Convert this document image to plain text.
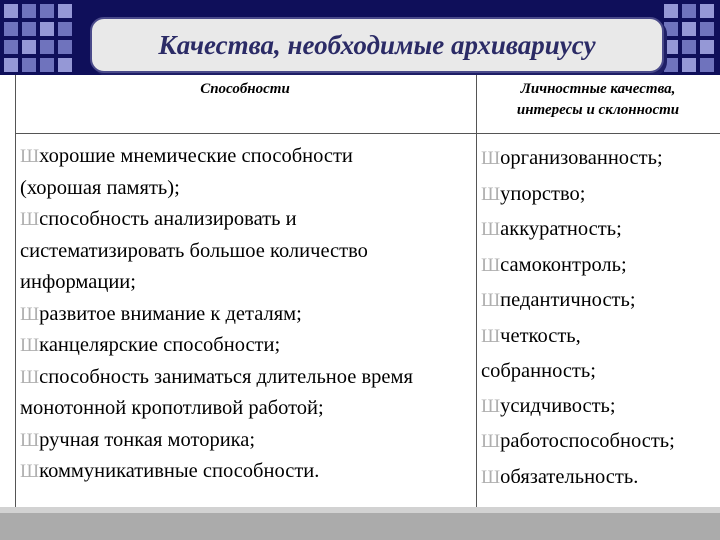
Качества, необходимые архивариусу
Способности	Личностные качества,
интересы и склонности
Шхорошие мнемические способности
(хорошая память);
Шспособность анализировать и
систематизировать большое количество
информации;
Шразвитое внимание к деталям;
Шканцелярские способности;
Шспособность заниматься длительное время
монотонной кропотливой работой;
Шручная тонкая моторика;
Шкоммуникативные способности.
Шорганизованность;
Шупорство;
Шаккуратность;
Шсамоконтроль;
Шпедантичность;
Шчеткость,
собранность;
Шусидчивость;
Шработоспособность;
Шобязательность.
